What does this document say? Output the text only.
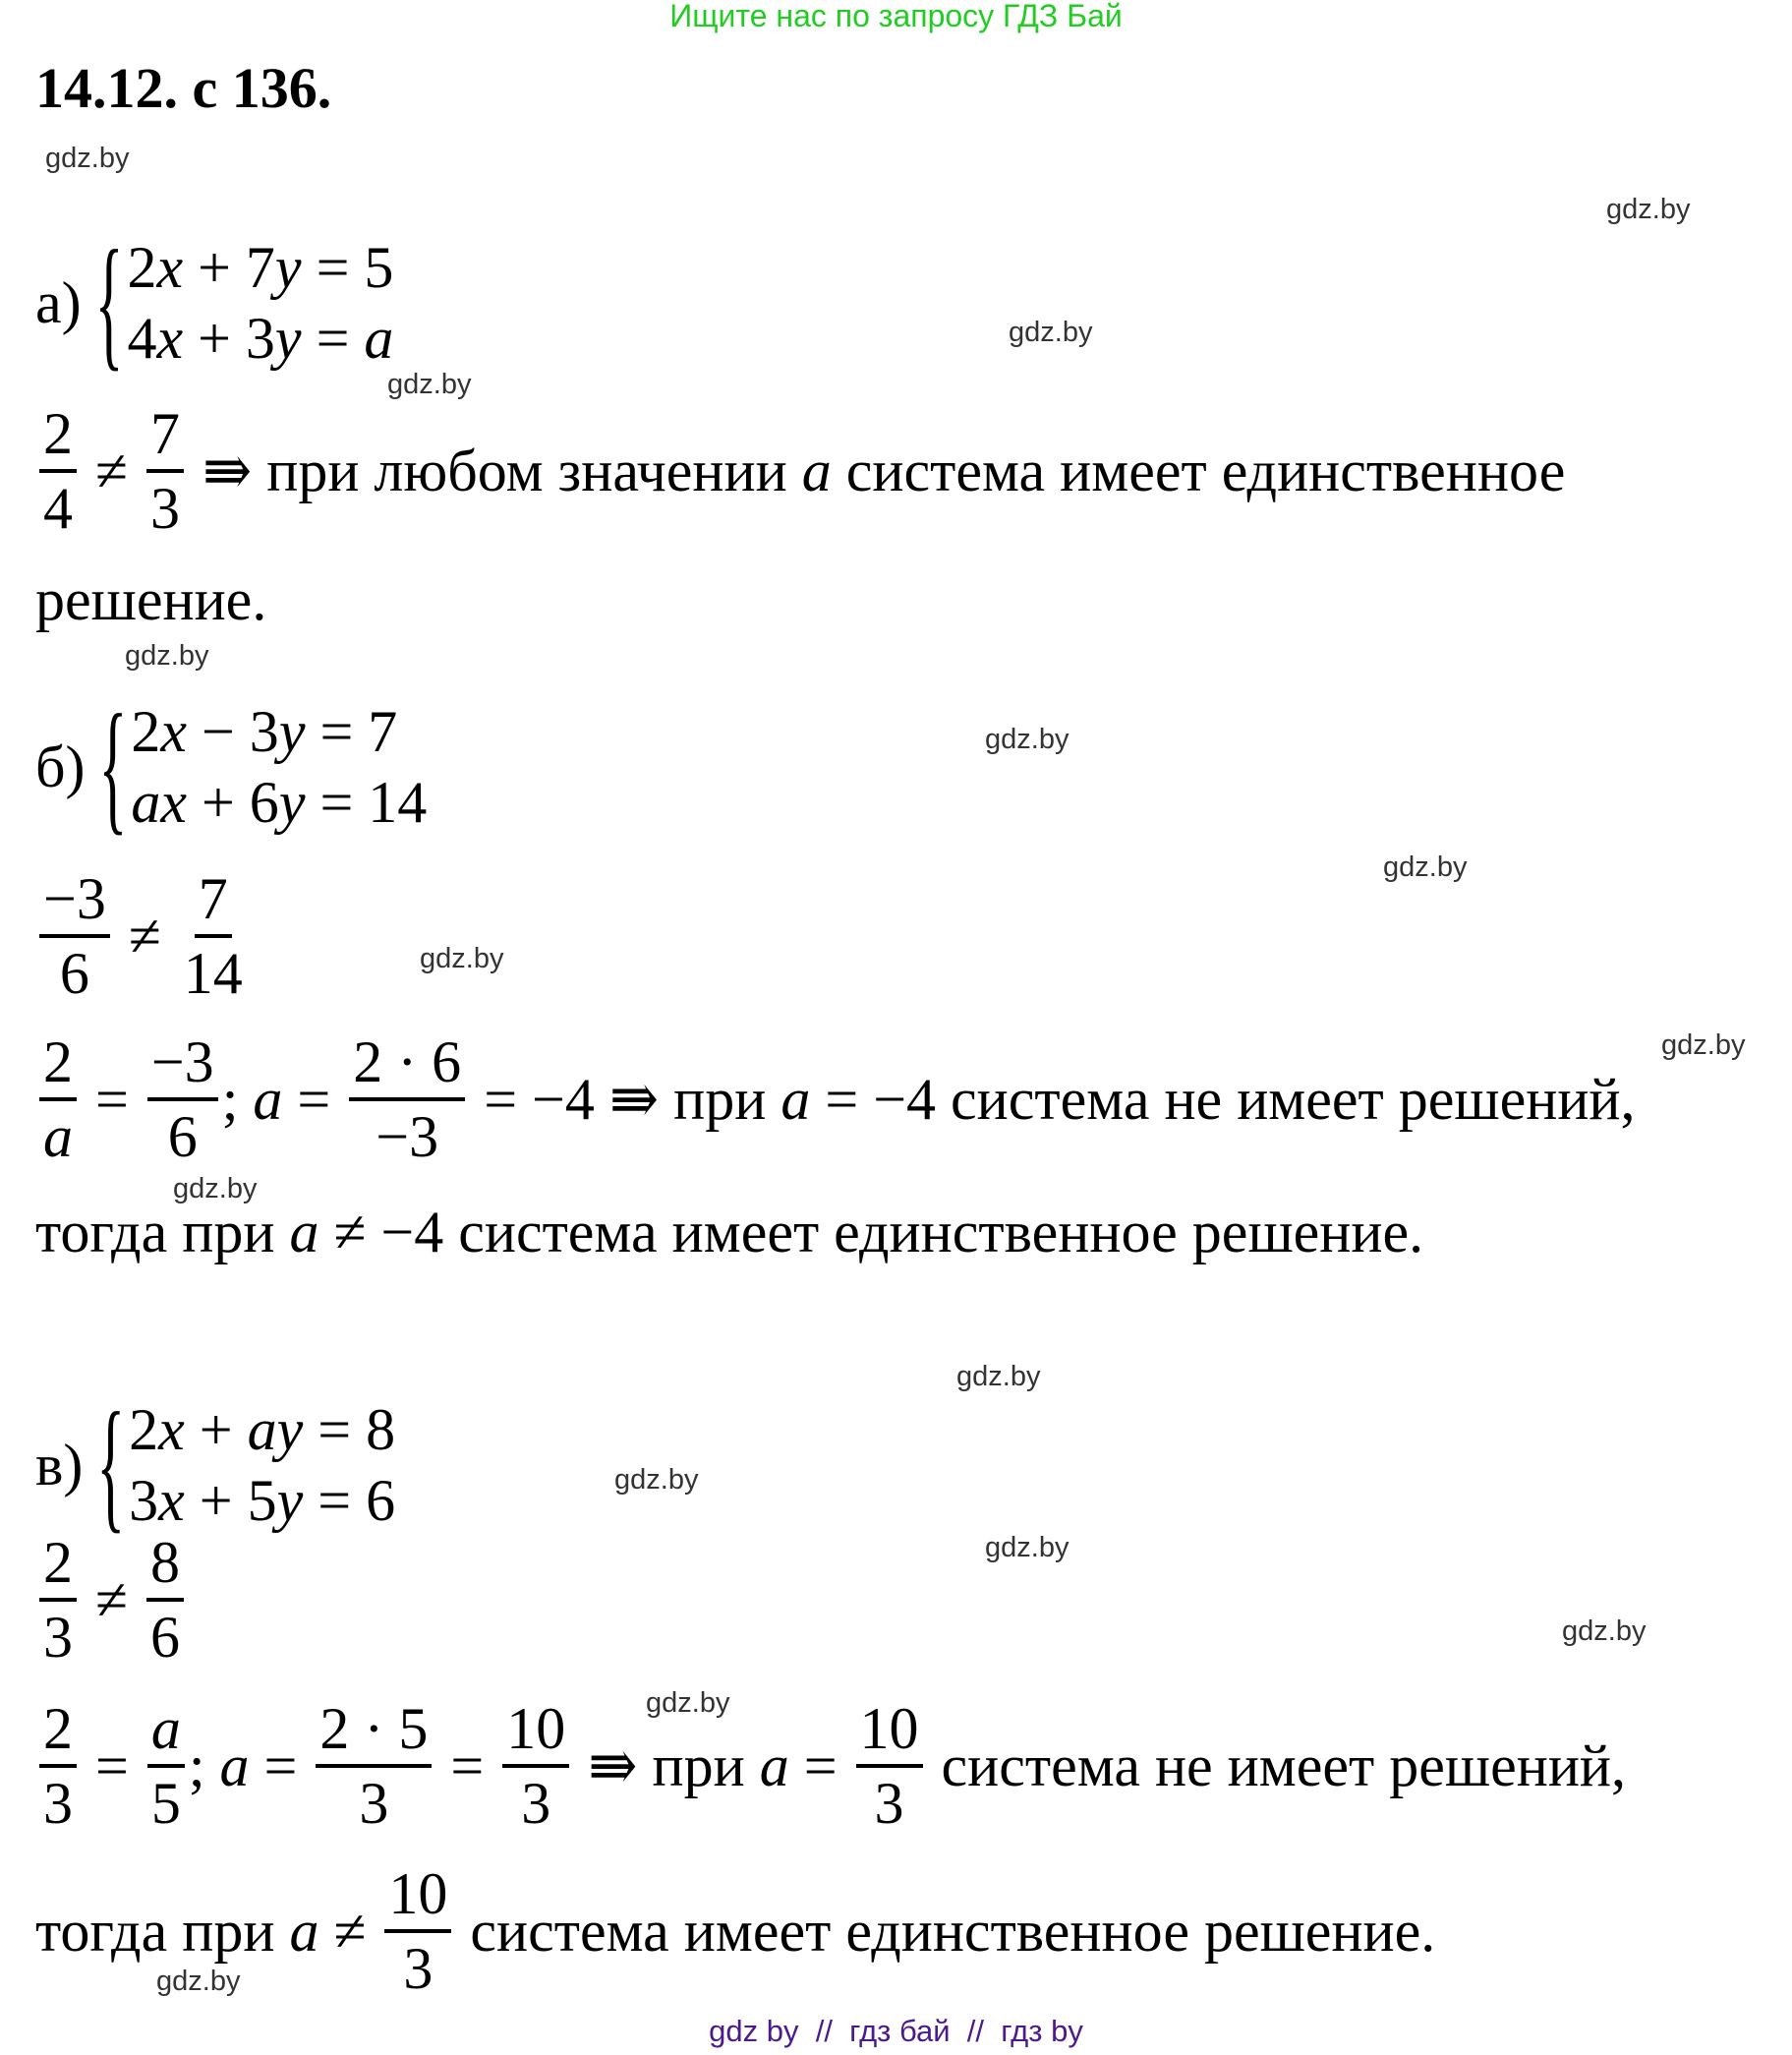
Ищите нас по запросу ГДЗ Бай
14.12. с 136.
gdz.by
gdz.by
gdz.by
gdz.by
gdz.by
gdz.by
gdz.by
gdz.by
gdz.by
gdz.by
gdz.by
gdz.by
gdz.by
gdz.by
gdz.by
gdz.by
а) { 2 x + 7 y = 5
4 x + 3 y = a
$\frac{2}{4} \ne \frac{7}{3}$ ⇛ при любом значении a система имеет единственное
решение.
б) { 2 x − 3 y = 7
ax + 6 y = 14
$\frac{-3}{6} \ne \frac{7}{14}$
$\frac{2}{a} = \frac{-3}{6}$ ; $a = \frac{2 \cdot 6}{-3} = -4$ ⇛ при a = −4 система не имеет решений,
тогда при a ≠ −4 система имеет единственное решение.
в) { 2 x + ay = 8
3 x + 5 y = 6
$\frac{2}{3} \ne \frac{8}{6}$
$\frac{2}{3} = \frac{a}{5}$ ; $a = \frac{2 \cdot 5}{3} = \frac{10}{3}$ ⇛ при $a = \frac{10}{3}$ система не имеет решений,
тогда при $a \ne \frac{10}{3}$ система имеет единственное решение.
gdz by  //  гдз бай  //  гдз by
